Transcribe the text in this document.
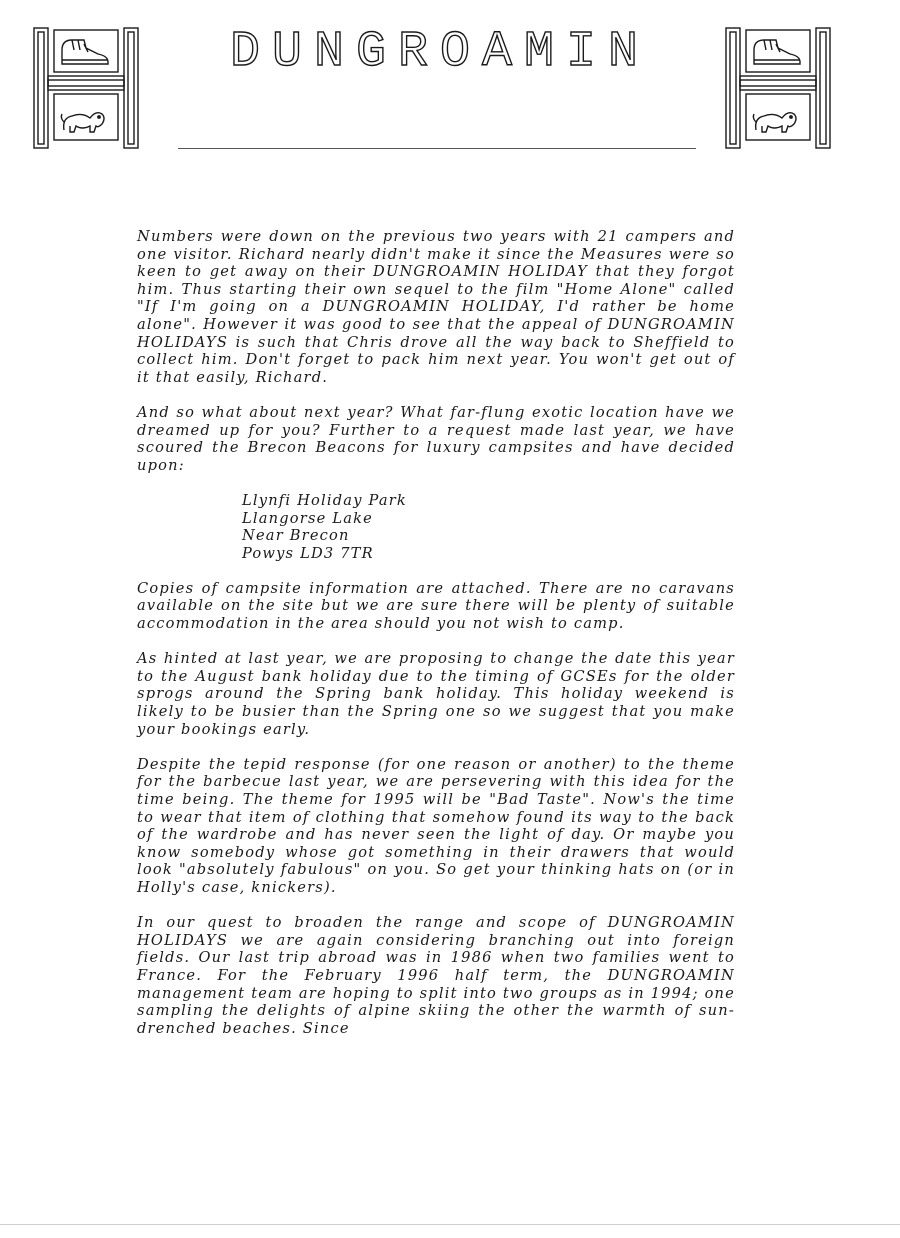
DUNGROAMIN

Numbers were down on the previous two years with 21 campers and one visitor. Richard nearly didn't make it since the Measures were so keen to get away on their DUNGROAMIN HOLIDAY that they forgot him. Thus starting their own sequel to the film "Home Alone" called "If I'm going on a DUNGROAMIN HOLIDAY, I'd rather be home alone". However it was good to see that the appeal of DUNGROAMIN HOLIDAYS is such that Chris drove all the way back to Sheffield to collect him. Don't forget to pack him next year. You won't get out of it that easily, Richard.

And so what about next year? What far-flung exotic location have we dreamed up for you? Further to a request made last year, we have scoured the Brecon Beacons for luxury campsites and have decided upon:

Llynfi Holiday Park
Llangorse Lake
Near Brecon
Powys LD3 7TR

Copies of campsite information are attached. There are no caravans available on the site but we are sure there will be plenty of suitable accommodation in the area should you not wish to camp.

As hinted at last year, we are proposing to change the date this year to the August bank holiday due to the timing of GCSEs for the older sprogs around the Spring bank holiday. This holiday weekend is likely to be busier than the Spring one so we suggest that you make your bookings early.

Despite the tepid response (for one reason or another) to the theme for the barbecue last year, we are persevering with this idea for the time being. The theme for 1995 will be "Bad Taste". Now's the time to wear that item of clothing that somehow found its way to the back of the wardrobe and has never seen the light of day. Or maybe you know somebody whose got something in their drawers that would look "absolutely fabulous" on you. So get your thinking hats on (or in Holly's case, knickers).

In our quest to broaden the range and scope of DUNGROAMIN HOLIDAYS we are again considering branching out into foreign fields. Our last trip abroad was in 1986 when two families went to France. For the February 1996 half term, the DUNGROAMIN management team are hoping to split into two groups as in 1994; one sampling the delights of alpine skiing the other the warmth of sun-drenched beaches. Since
